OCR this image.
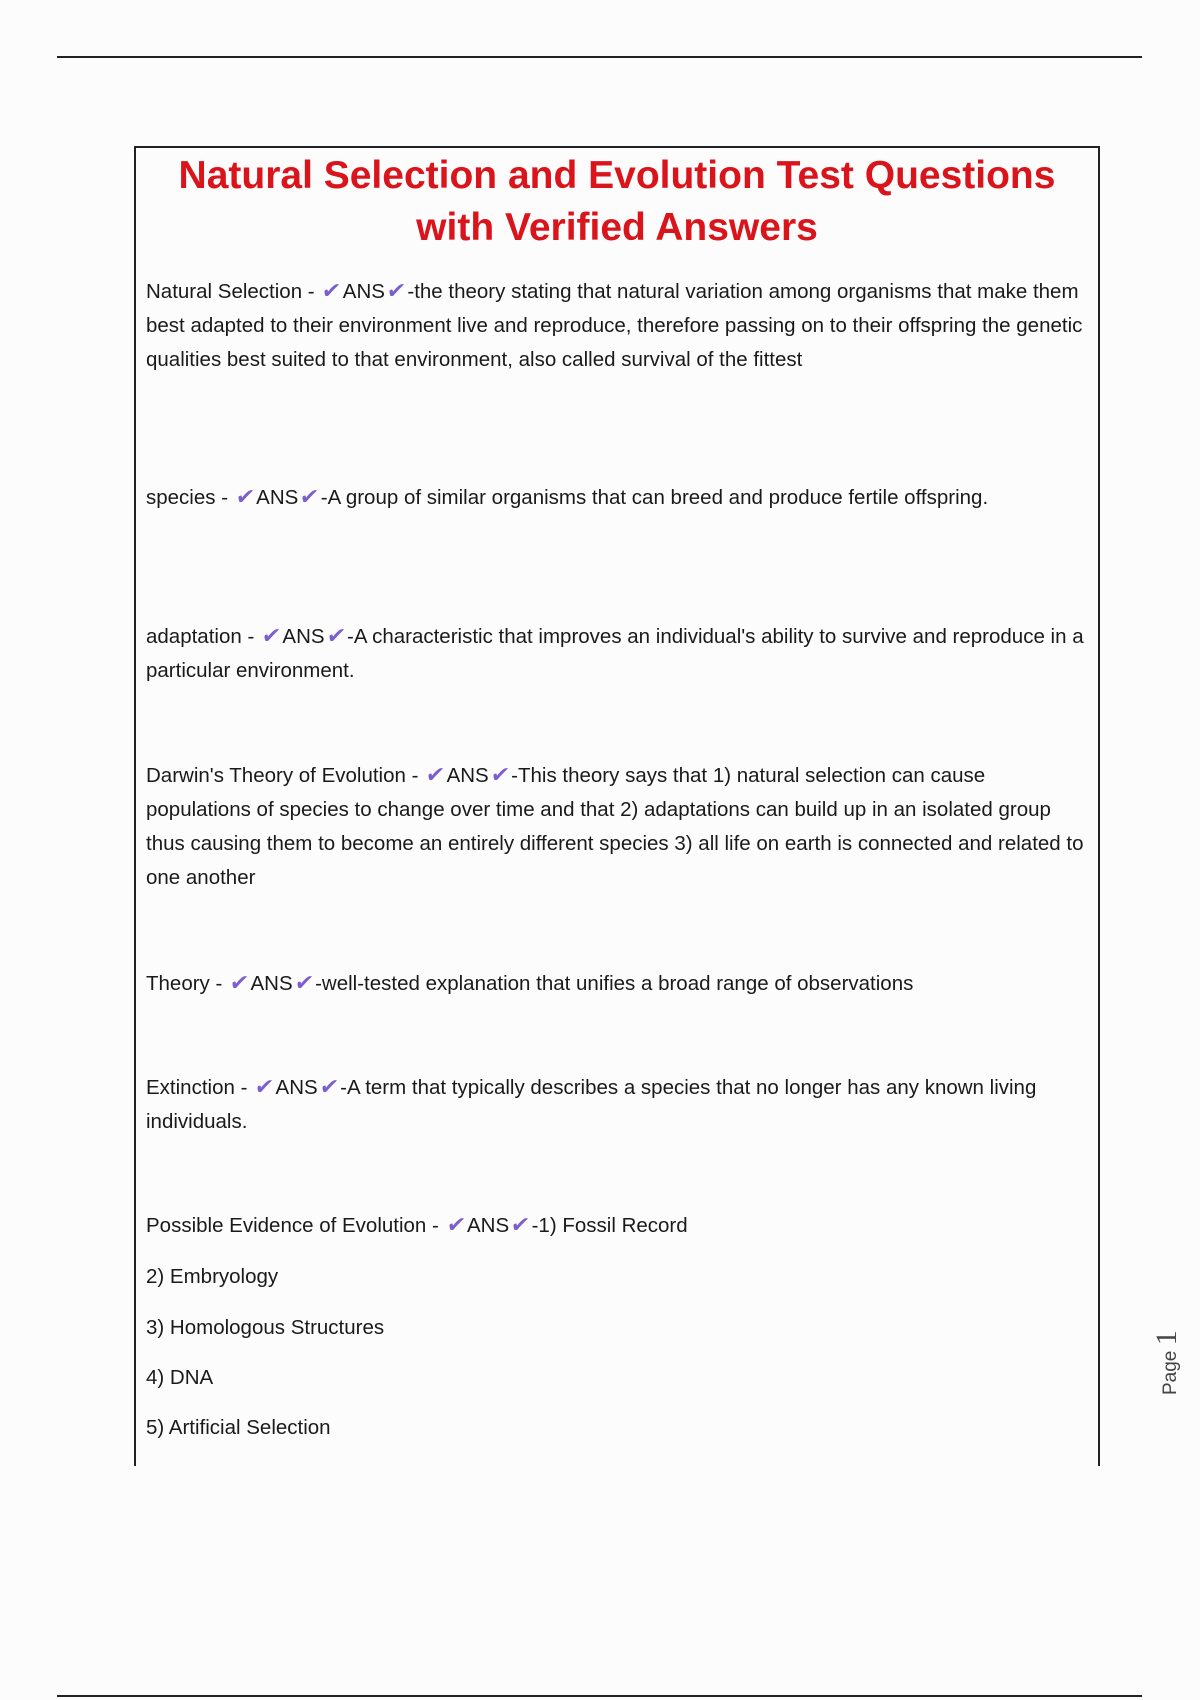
Natural Selection and Evolution Test Questions
with Verified Answers
Natural Selection - ✔ANS✔-the theory stating that natural variation among organisms that make them best adapted to their environment live and reproduce, therefore passing on to their offspring the genetic qualities best suited to that environment, also called survival of the fittest
species - ✔ANS✔-A group of similar organisms that can breed and produce fertile offspring.
adaptation - ✔ANS✔-A characteristic that improves an individual's ability to survive and reproduce in a particular environment.
Darwin's Theory of Evolution - ✔ANS✔-This theory says that 1) natural selection can cause populations of species to change over time and that 2) adaptations can build up in an isolated group thus causing them to become an entirely different species 3) all life on earth is connected and related to one another
Theory - ✔ANS✔-well-tested explanation that unifies a broad range of observations
Extinction - ✔ANS✔-A term that typically describes a species that no longer has any known living individuals.
Possible Evidence of Evolution - ✔ANS✔-1) Fossil Record
2) Embryology
3) Homologous Structures
4) DNA
5) Artificial Selection
Page 1
